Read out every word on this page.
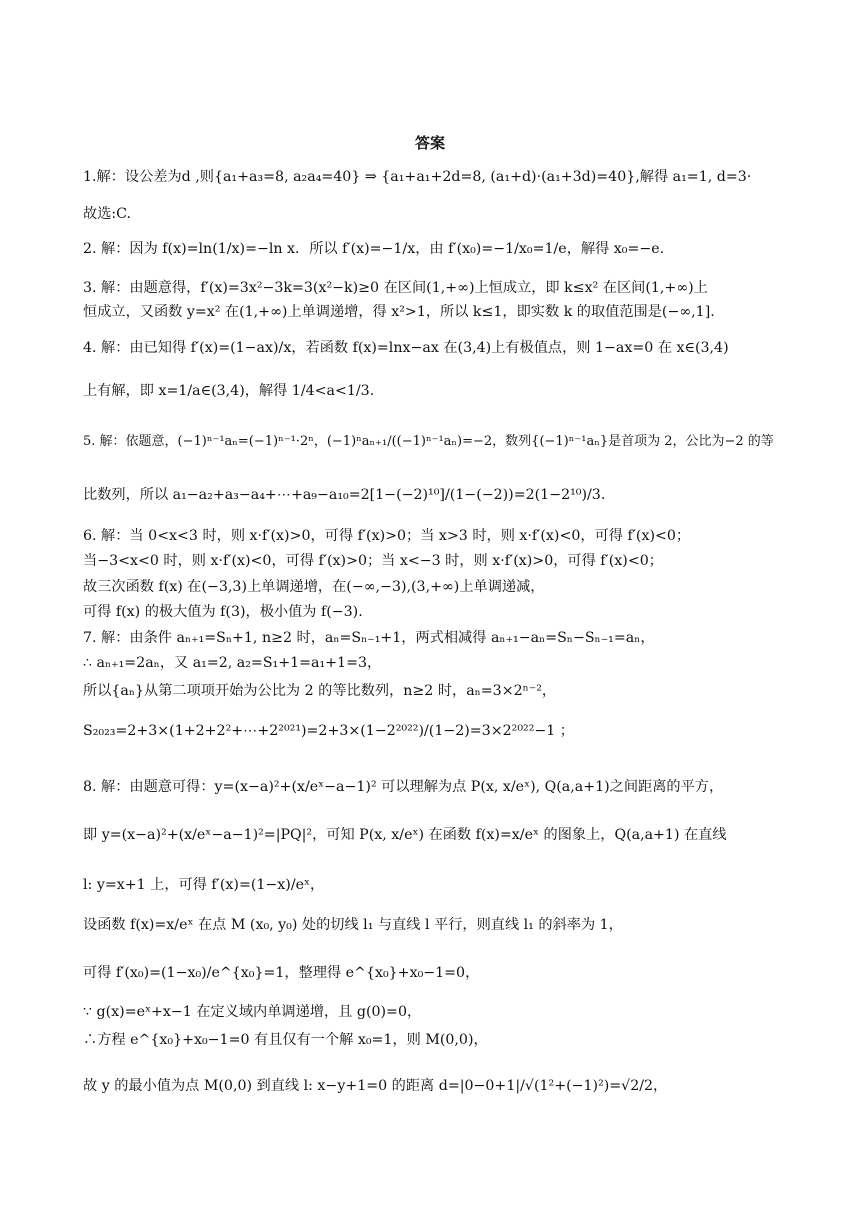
答案
1.解：设公差为d ,则{a₁+a₃=8, a₂a₄=40} ⇒ {a₁+a₁+2d=8, (a₁+d)·(a₁+3d)=40},解得 a₁=1, d=3·
故选:C.
2. 解：因为 f(x)=ln(1/x)=−ln x．所以 f′(x)=−1/x，由 f′(x₀)=−1/x₀=1/e，解得 x₀=−e.
3. 解：由题意得，f′(x)=3x²−3k=3(x²−k)≥0 在区间(1,+∞)上恒成立，即 k≤x² 在区间(1,+∞)上
恒成立，又函数 y=x² 在(1,+∞)上单调递增，得 x²>1，所以 k≤1，即实数 k 的取值范围是(−∞,1].
4. 解：由已知得 f′(x)=(1−ax)/x，若函数 f(x)=lnx−ax 在(3,4)上有极值点，则 1−ax=0 在 x∈(3,4)
上有解，即 x=1/a∈(3,4)，解得 1/4<a<1/3.
5. 解：依题意，(−1)ⁿ⁻¹aₙ=(−1)ⁿ⁻¹·2ⁿ，(−1)ⁿaₙ₊₁/((−1)ⁿ⁻¹aₙ)=−2，数列{(−1)ⁿ⁻¹aₙ}是首项为 2，公比为−2 的等
比数列，所以 a₁−a₂+a₃−a₄+⋯+a₉−a₁₀=2[1−(−2)¹⁰]/(1−(−2))=2(1−2¹⁰)/3.
6. 解：当 0<x<3 时，则 x·f′(x)>0，可得 f′(x)>0；当 x>3 时，则 x·f′(x)<0，可得 f′(x)<0；
当−3<x<0 时，则 x·f′(x)<0，可得 f′(x)>0；当 x<−3 时，则 x·f′(x)>0，可得 f′(x)<0；
故三次函数 f(x) 在(−3,3)上单调递增，在(−∞,−3),(3,+∞)上单调递减，
可得 f(x) 的极大值为 f(3)，极小值为 f(−3).
7. 解：由条件 aₙ₊₁=Sₙ+1, n≥2 时，aₙ=Sₙ₋₁+1，两式相减得 aₙ₊₁−aₙ=Sₙ−Sₙ₋₁=aₙ，
∴ aₙ₊₁=2aₙ，又 a₁=2, a₂=S₁+1=a₁+1=3，
所以{aₙ}从第二项项开始为公比为 2 的等比数列，n≥2 时，aₙ=3×2ⁿ⁻²，
S₂₀₂₃=2+3×(1+2+2²+⋯+2²⁰²¹)=2+3×(1−2²⁰²²)/(1−2)=3×2²⁰²²−1 ；
8. 解：由题意可得：y=(x−a)²+(x/eˣ−a−1)² 可以理解为点 P(x, x/eˣ), Q(a,a+1)之间距离的平方，
即 y=(x−a)²+(x/eˣ−a−1)²=|PQ|²，可知 P(x, x/eˣ) 在函数 f(x)=x/eˣ 的图象上，Q(a,a+1) 在直线
l: y=x+1 上，可得 f′(x)=(1−x)/eˣ，
设函数 f(x)=x/eˣ 在点 M (x₀, y₀) 处的切线 l₁ 与直线 l 平行，则直线 l₁ 的斜率为 1，
可得 f′(x₀)=(1−x₀)/e^{x₀}=1，整理得 e^{x₀}+x₀−1=0，
∵ g(x)=eˣ+x−1 在定义域内单调递增，且 g(0)=0，
∴方程 e^{x₀}+x₀−1=0 有且仅有一个解 x₀=1，则 M(0,0)，
故 y 的最小值为点 M(0,0) 到直线 l: x−y+1=0 的距离 d=|0−0+1|/√(1²+(−1)²)=√2/2，
